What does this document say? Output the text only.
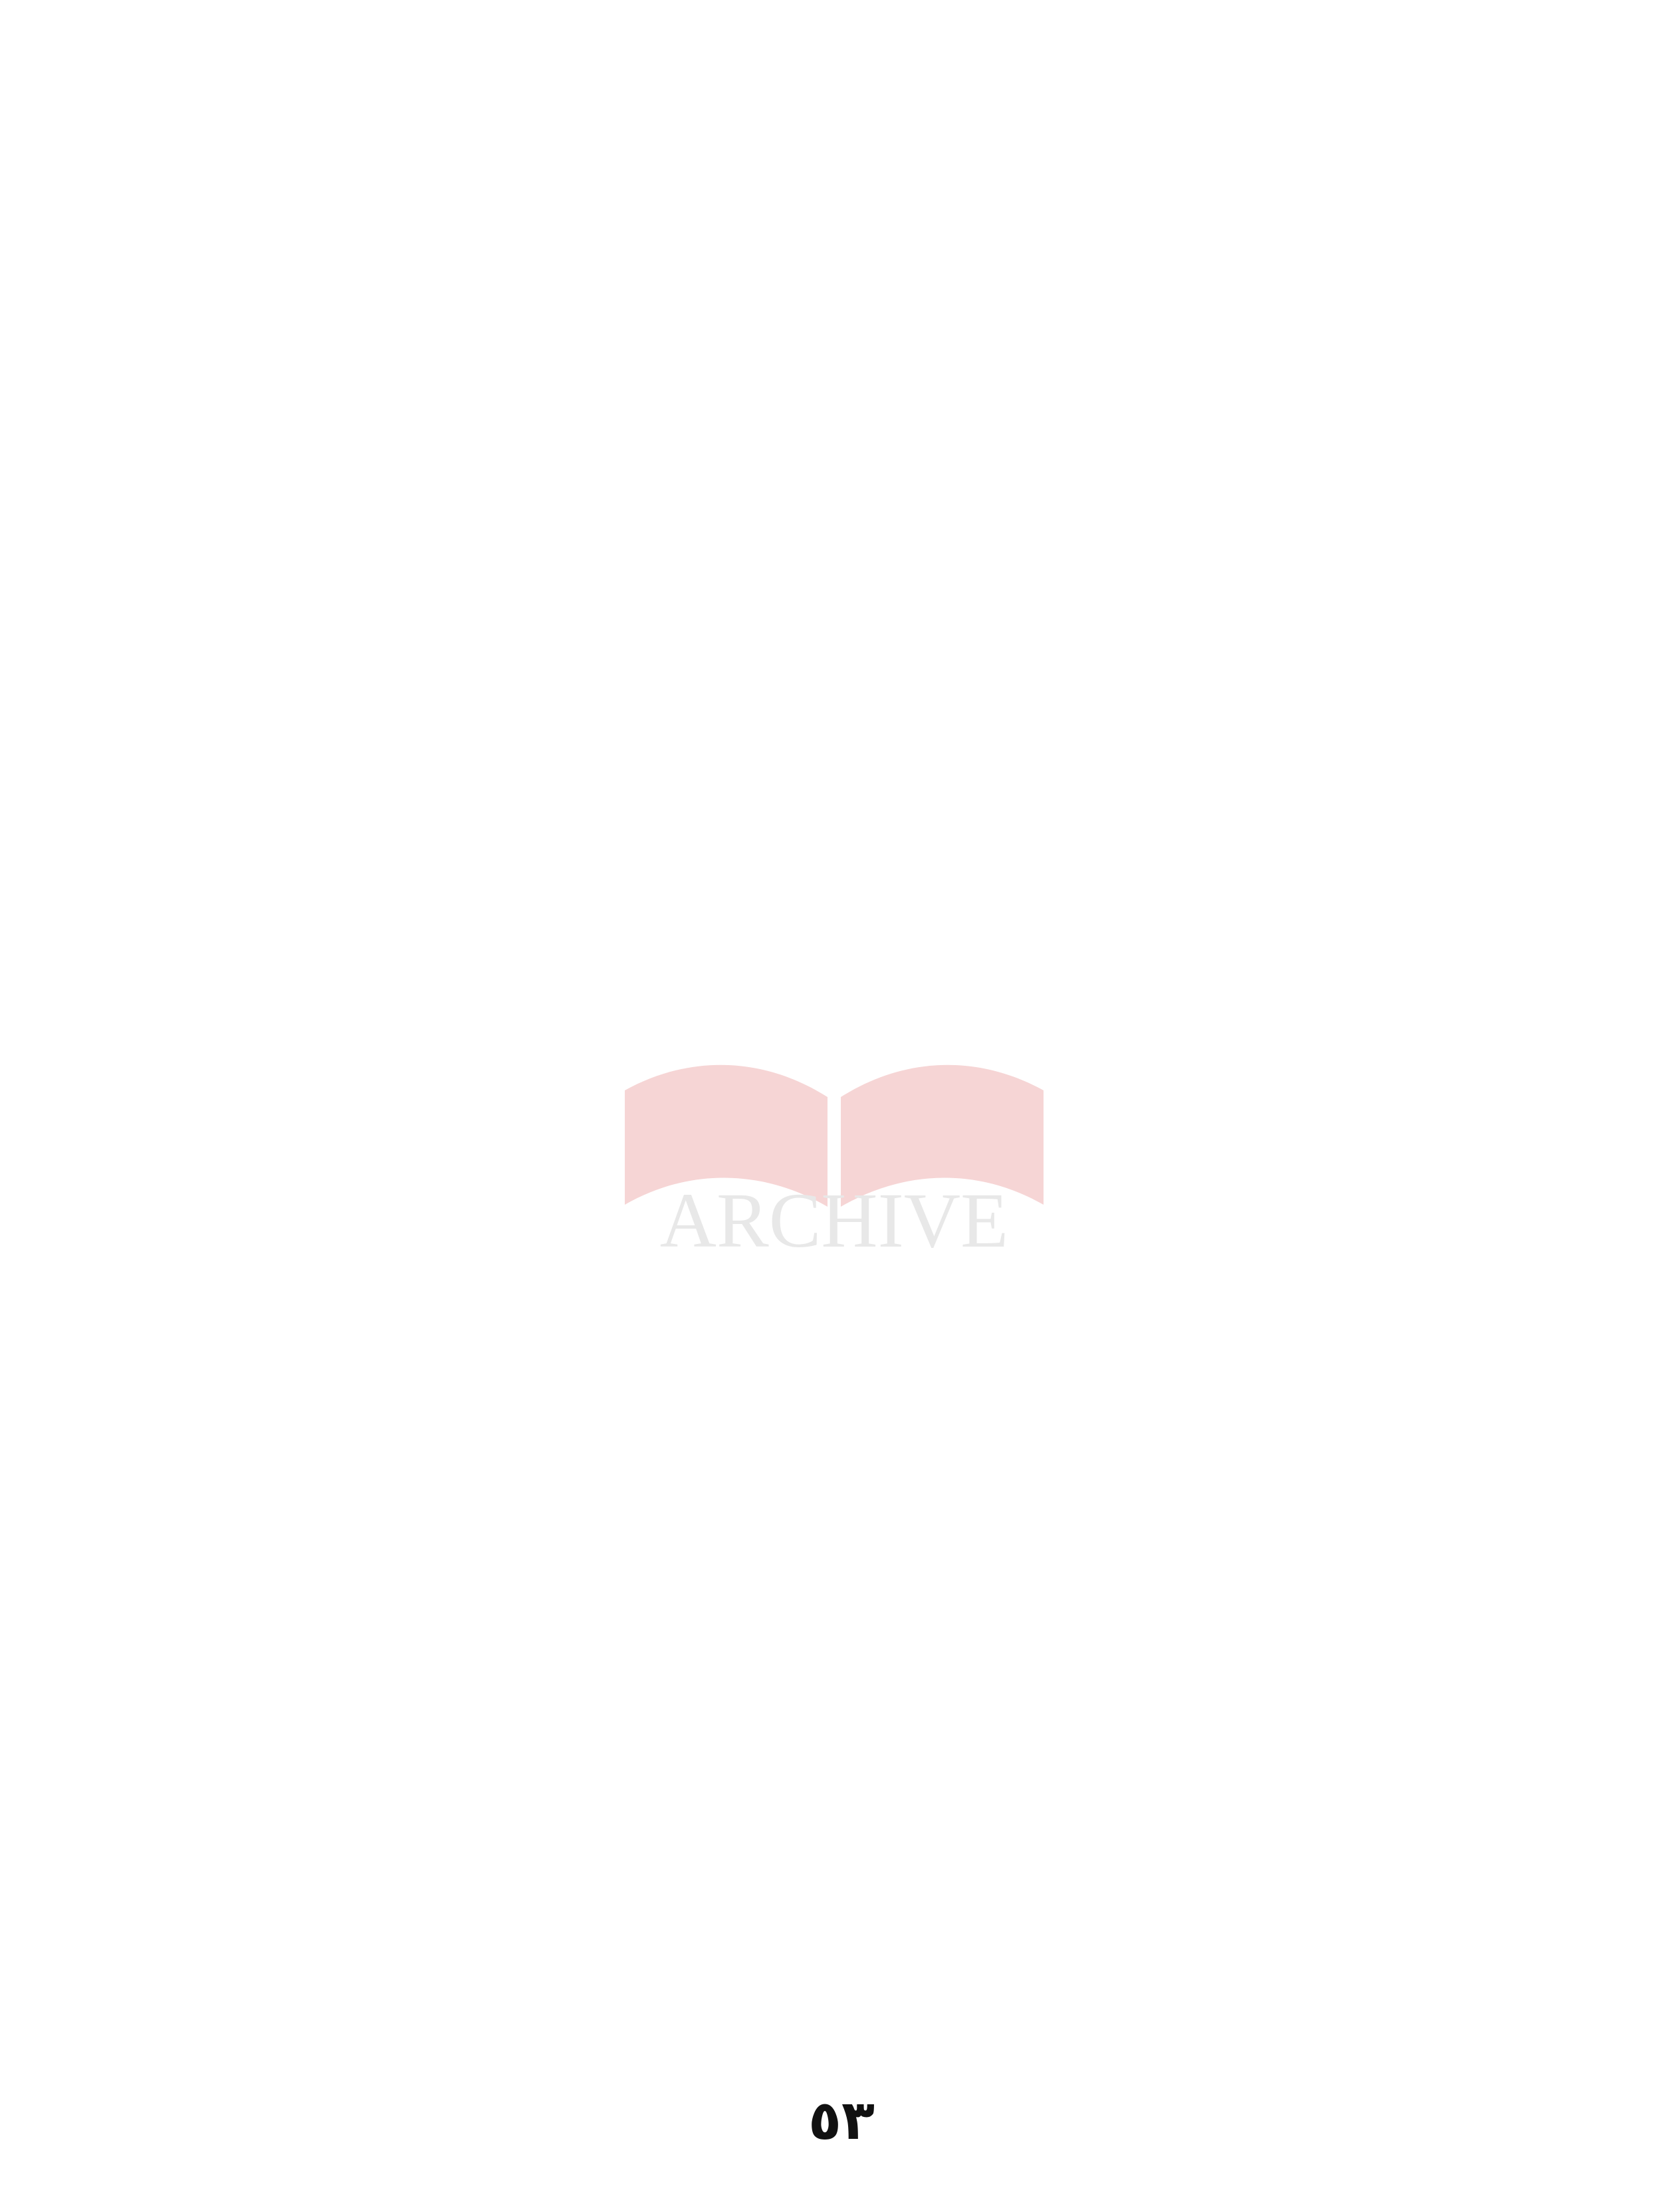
ARCHIVE

٥٣
